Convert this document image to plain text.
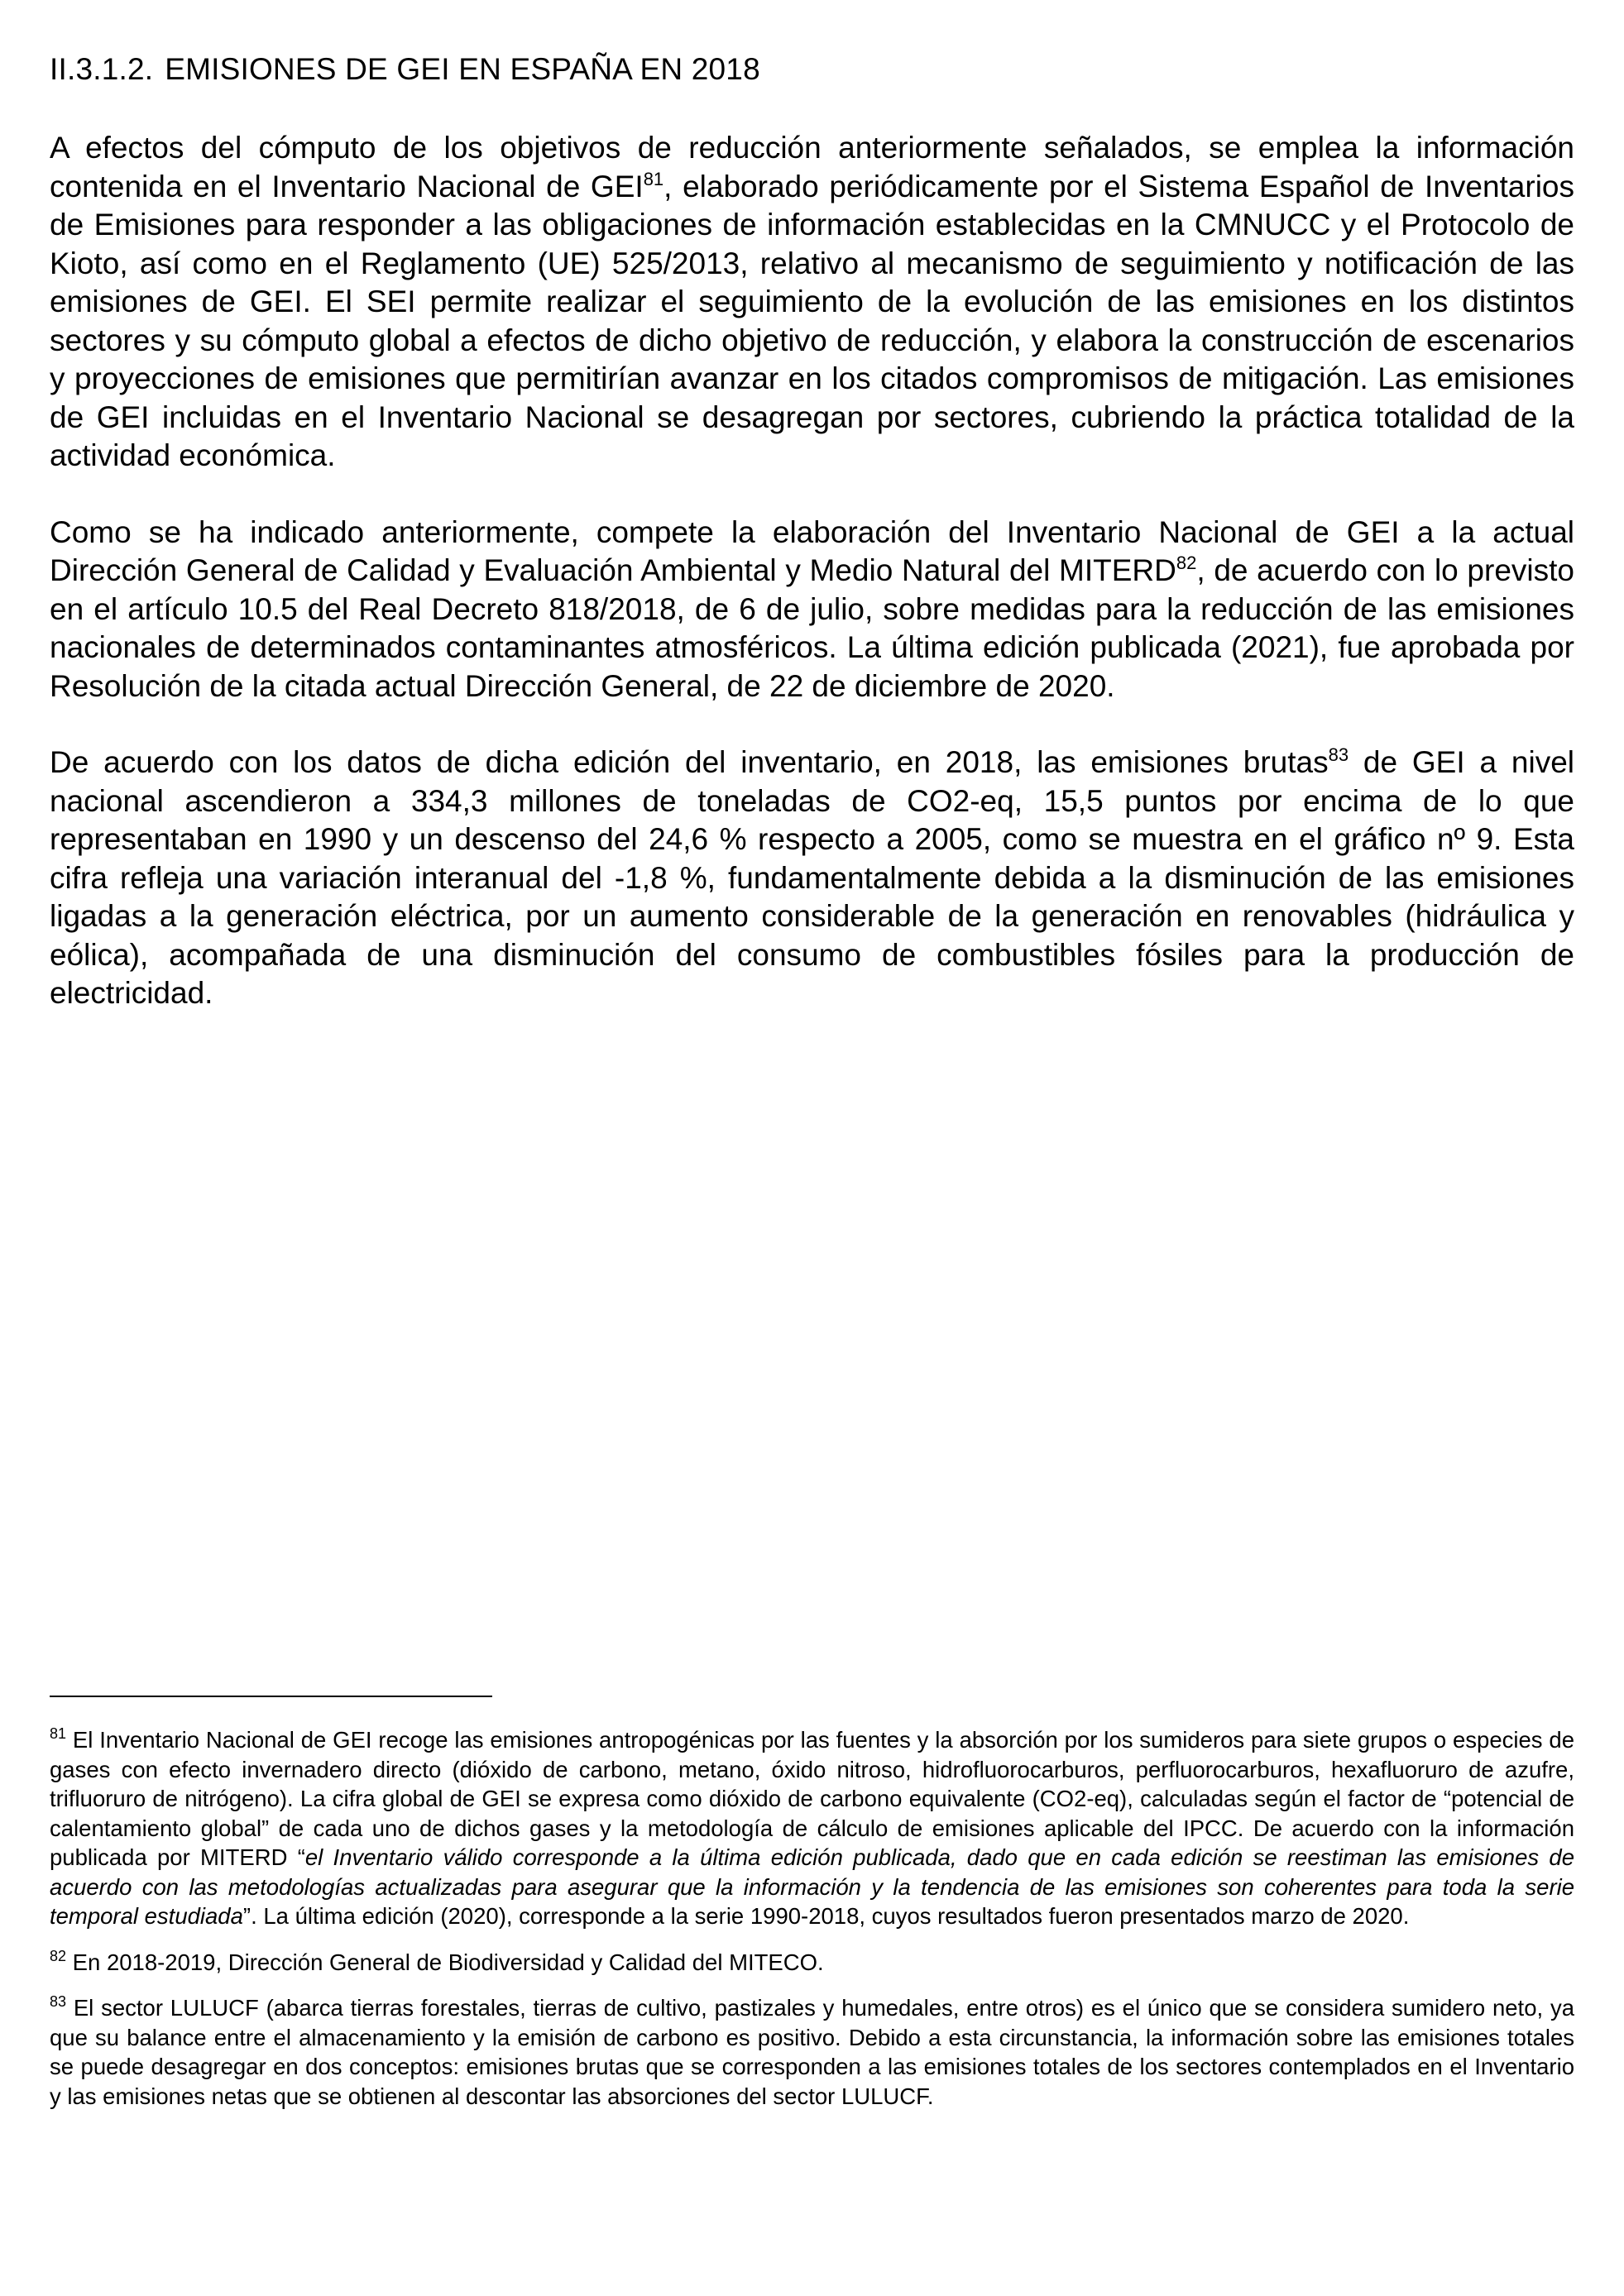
II.3.1.2. EMISIONES DE GEI EN ESPAÑA EN 2018

A efectos del cómputo de los objetivos de reducción anteriormente señalados, se emplea la información contenida en el Inventario Nacional de GEI$^{81}$, elaborado periódicamente por el Sistema Español de Inventarios de Emisiones para responder a las obligaciones de información establecidas en la CMNUCC y el Protocolo de Kioto, así como en el Reglamento (UE) 525/2013, relativo al mecanismo de seguimiento y notificación de las emisiones de GEI. El SEI permite realizar el seguimiento de la evolución de las emisiones en los distintos sectores y su cómputo global a efectos de dicho objetivo de reducción, y elabora la construcción de escenarios y proyecciones de emisiones que permitirían avanzar en los citados compromisos de mitigación. Las emisiones de GEI incluidas en el Inventario Nacional se desagregan por sectores, cubriendo la práctica totalidad de la actividad económica.

Como se ha indicado anteriormente, compete la elaboración del Inventario Nacional de GEI a la actual Dirección General de Calidad y Evaluación Ambiental y Medio Natural del MITERD$^{82}$, de acuerdo con lo previsto en el artículo 10.5 del Real Decreto 818/2018, de 6 de julio, sobre medidas para la reducción de las emisiones nacionales de determinados contaminantes atmosféricos. La última edición publicada (2021), fue aprobada por Resolución de la citada actual Dirección General, de 22 de diciembre de 2020.

De acuerdo con los datos de dicha edición del inventario, en 2018, las emisiones brutas$^{83}$ de GEI a nivel nacional ascendieron a 334,3 millones de toneladas de CO2-eq, 15,5 puntos por encima de lo que representaban en 1990 y un descenso del 24,6 % respecto a 2005, como se muestra en el gráfico nº 9. Esta cifra refleja una variación interanual del -1,8 %, fundamentalmente debida a la disminución de las emisiones ligadas a la generación eléctrica, por un aumento considerable de la generación en renovables (hidráulica y eólica), acompañada de una disminución del consumo de combustibles fósiles para la producción de electricidad.

$^{81}$ El Inventario Nacional de GEI recoge las emisiones antropogénicas por las fuentes y la absorción por los sumideros para siete grupos o especies de gases con efecto invernadero directo (dióxido de carbono, metano, óxido nitroso, hidrofluorocarburos, perfluorocarburos, hexafluoruro de azufre, trifluoruro de nitrógeno). La cifra global de GEI se expresa como dióxido de carbono equivalente (CO2-eq), calculadas según el factor de “potencial de calentamiento global” de cada uno de dichos gases y la metodología de cálculo de emisiones aplicable del IPCC. De acuerdo con la información publicada por MITERD “el Inventario válido corresponde a la última edición publicada, dado que en cada edición se reestiman las emisiones de acuerdo con las metodologías actualizadas para asegurar que la información y la tendencia de las emisiones son coherentes para toda la serie temporal estudiada”. La última edición (2020), corresponde a la serie 1990-2018, cuyos resultados fueron presentados marzo de 2020.

$^{82}$ En 2018-2019, Dirección General de Biodiversidad y Calidad del MITECO.

$^{83}$ El sector LULUCF (abarca tierras forestales, tierras de cultivo, pastizales y humedales, entre otros) es el único que se considera sumidero neto, ya que su balance entre el almacenamiento y la emisión de carbono es positivo. Debido a esta circunstancia, la información sobre las emisiones totales se puede desagregar en dos conceptos: emisiones brutas que se corresponden a las emisiones totales de los sectores contemplados en el Inventario y las emisiones netas que se obtienen al descontar las absorciones del sector LULUCF.
